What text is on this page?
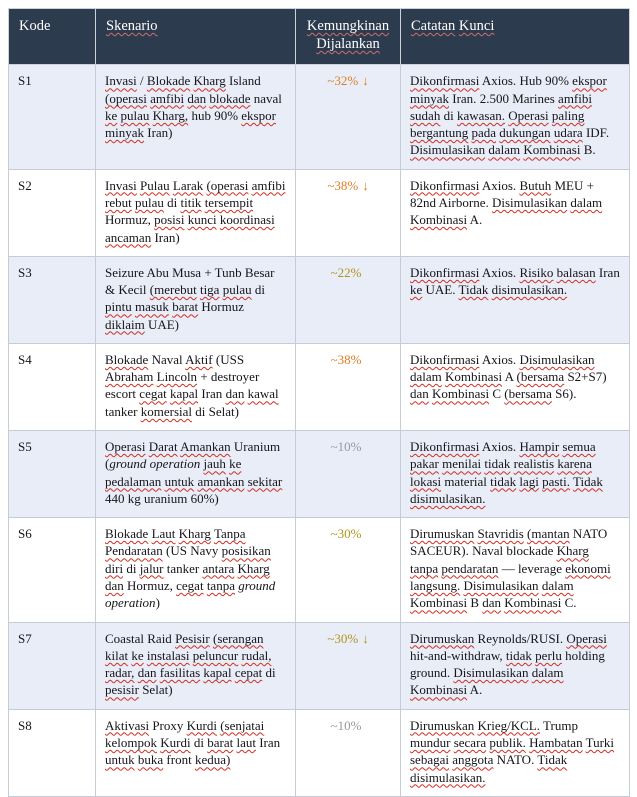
Kode	Skenario	Kemungkinan Dijalankan	Catatan Kunci
S1	Invasi / Blokade Kharg Island (operasi amfibi dan blokade naval ke pulau Kharg, hub 90% ekspor minyak Iran)	~32% ↓	Dikonfirmasi Axios. Hub 90% ekspor minyak Iran. 2.500 Marines amfibi sudah di kawasan. Operasi paling bergantung pada dukungan udara IDF. Disimulasikan dalam Kombinasi B.
S2	Invasi Pulau Larak (operasi amfibi rebut pulau di titik tersempit Hormuz, posisi kunci koordinasi ancaman Iran)	~38% ↓	Dikonfirmasi Axios. Butuh MEU + 82nd Airborne. Disimulasikan dalam Kombinasi A.
S3	Seizure Abu Musa + Tunb Besar & Kecil (merebut tiga pulau di pintu masuk barat Hormuz diklaim UAE)	~22%	Dikonfirmasi Axios. Risiko balasan Iran ke UAE. Tidak disimulasikan.
S4	Blokade Naval Aktif (USS Abraham Lincoln + destroyer escort cegat kapal Iran dan kawal tanker komersial di Selat)	~38%	Dikonfirmasi Axios. Disimulasikan dalam Kombinasi A (bersama S2+S7) dan Kombinasi C (bersama S6).
S5	Operasi Darat Amankan Uranium (ground operation jauh ke pedalaman untuk amankan sekitar 440 kg uranium 60%)	~10%	Dikonfirmasi Axios. Hampir semua pakar menilai tidak realistis karena lokasi material tidak lagi pasti. Tidak disimulasikan.
S6	Blokade Laut Kharg Tanpa Pendaratan (US Navy posisikan diri di jalur tanker antara Kharg dan Hormuz, cegat tanpa ground operation)	~30%	Dirumuskan Stavridis (mantan NATO SACEUR). Naval blockade Kharg tanpa pendaratan — leverage ekonomi langsung. Disimulasikan dalam Kombinasi B dan Kombinasi C.
S7	Coastal Raid Pesisir (serangan kilat ke instalasi peluncur rudal, radar, dan fasilitas kapal cepat di pesisir Selat)	~30% ↓	Dirumuskan Reynolds/RUSI. Operasi hit-and-withdraw, tidak perlu holding ground. Disimulasikan dalam Kombinasi A.
S8	Aktivasi Proxy Kurdi (senjatai kelompok Kurdi di barat laut Iran untuk buka front kedua)	~10%	Dirumuskan Krieg/KCL. Trump mundur secara publik. Hambatan Turki sebagai anggota NATO. Tidak disimulasikan.
